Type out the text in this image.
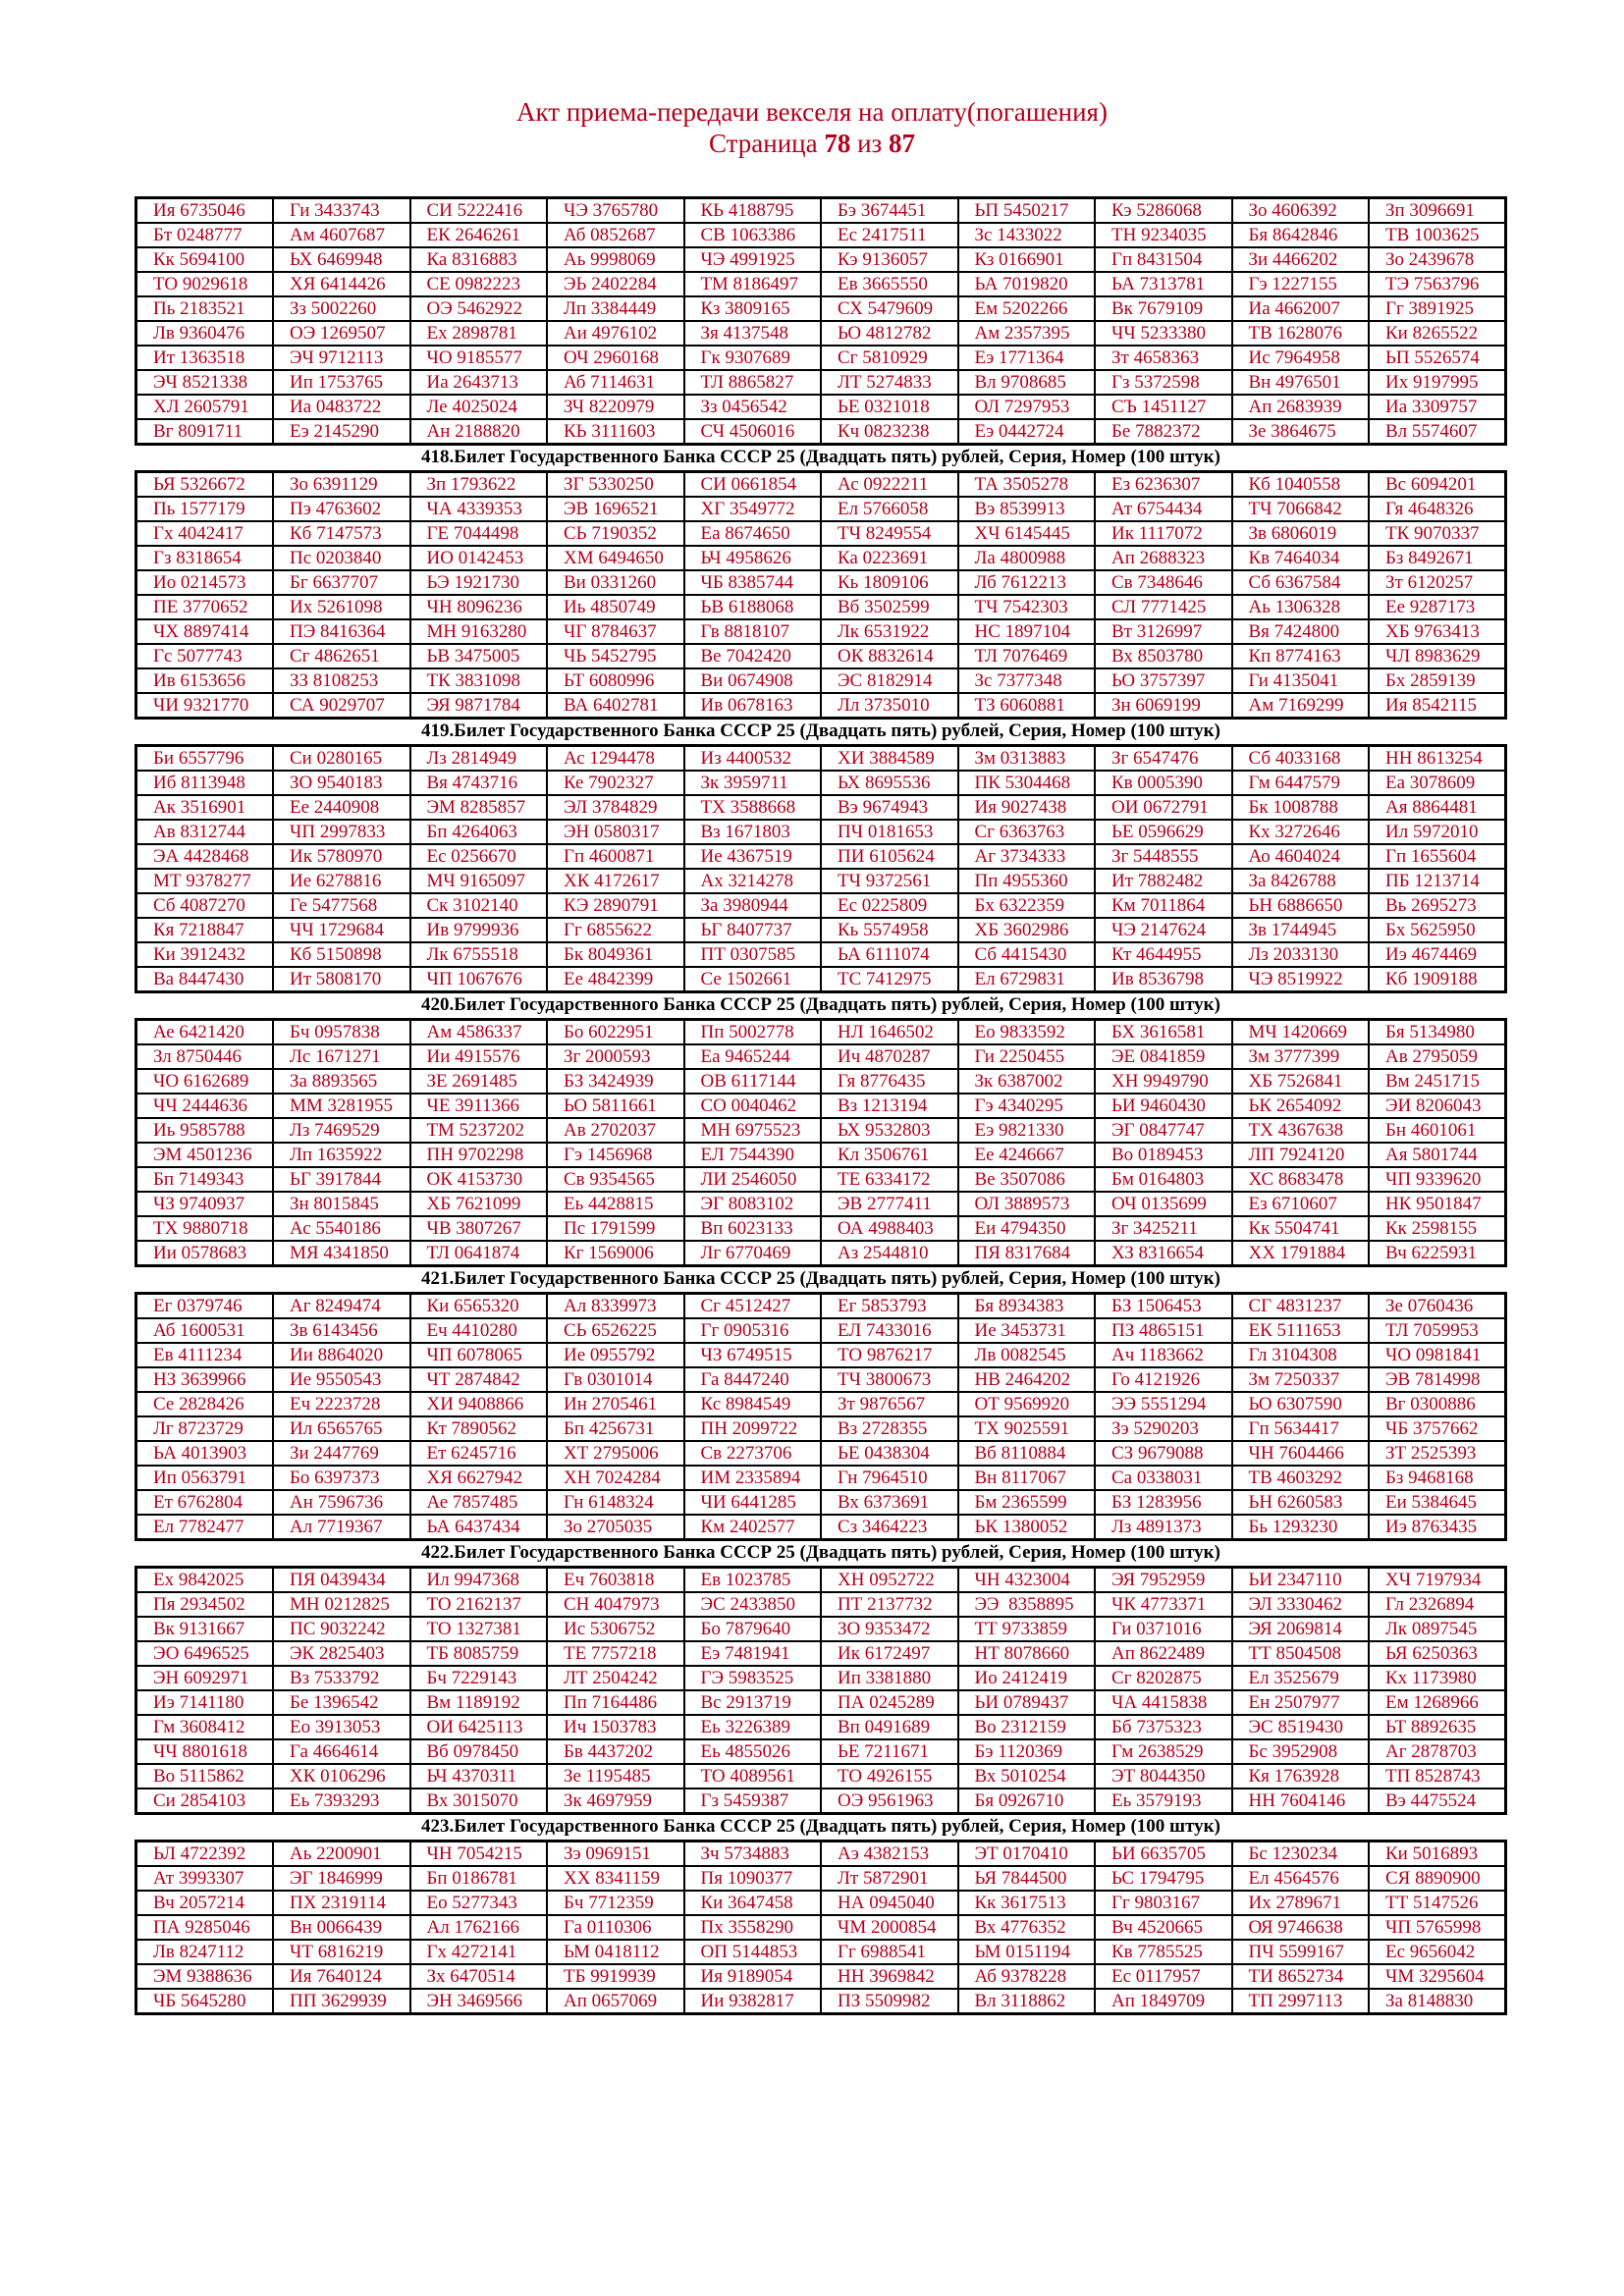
Акт приема-передачи векселя на оплату(погашения)
Страница 78 из 87
Ия 6735046	Ги 3433743	СИ 5222416	ЧЭ 3765780	КЬ 4188795	Бэ 3674451	ЬП 5450217	Кэ 5286068	Зо 4606392	Зп 3096691
Бт 0248777	Ам 4607687	ЕК 2646261	Аб 0852687	СВ 1063386	Ес 2417511	Зс 1433022	ТН 9234035	Бя 8642846	ТВ 1003625
Кк 5694100	ЬХ 6469948	Ка 8316883	Аь 9998069	ЧЭ 4991925	Кэ 9136057	Кз 0166901	Гп 8431504	Зи 4466202	Зо 2439678
ТО 9029618	ХЯ 6414426	СЕ 0982223	ЭЬ 2402284	ТМ 8186497	Ев 3665550	ЬА 7019820	ЬА 7313781	Гэ 1227155	ТЭ 7563796
Пь 2183521	Зз 5002260	ОЭ 5462922	Лп 3384449	Кз 3809165	СХ 5479609	Ем 5202266	Вк 7679109	Иа 4662007	Гг 3891925
Лв 9360476	ОЭ 1269507	Ех 2898781	Аи 4976102	Зя 4137548	ЬО 4812782	Ам 2357395	ЧЧ 5233380	ТВ 1628076	Ки 8265522
Ит 1363518	ЭЧ 9712113	ЧО 9185577	ОЧ 2960168	Гк 9307689	Сг 5810929	Еэ 1771364	Зт 4658363	Ис 7964958	ЬП 5526574
ЭЧ 8521338	Ип 1753765	Иа 2643713	Аб 7114631	ТЛ 8865827	ЛТ 5274833	Вл 9708685	Гз 5372598	Вн 4976501	Их 9197995
ХЛ 2605791	Иа 0483722	Ле 4025024	ЗЧ 8220979	Зз 0456542	ЬЕ 0321018	ОЛ 7297953	СЪ 1451127	Ап 2683939	Иа 3309757
Вг 8091711	Еэ 2145290	Ан 2188820	КЬ 3111603	СЧ 4506016	Кч 0823238	Еэ 0442724	Бе 7882372	Зе 3864675	Вл 5574607
418.Билет Государственного Банка СССР 25 (Двадцать пять) рублей, Серия, Номер (100 штук)
ЬЯ 5326672	Зо 6391129	Зп 1793622	ЗГ 5330250	СИ 0661854	Ас 0922211	ТА 3505278	Ез 6236307	Кб 1040558	Вс 6094201
Пь 1577179	Пэ 4763602	ЧА 4339353	ЭВ 1696521	ХГ 3549772	Ел 5766058	Вэ 8539913	Ат 6754434	ТЧ 7066842	Гя 4648326
Гх 4042417	Кб 7147573	ГЕ 7044498	СЬ 7190352	Еа 8674650	ТЧ 8249554	ХЧ 6145445	Ик 1117072	Зв 6806019	ТК 9070337
Гз 8318654	Пс 0203840	ИО 0142453	ХМ 6494650	ЬЧ 4958626	Ка 0223691	Ла 4800988	Ап 2688323	Кв 7464034	Бз 8492671
Ио 0214573	Бг 6637707	ЬЭ 1921730	Ви 0331260	ЧБ 8385744	Кь 1809106	Лб 7612213	Св 7348646	Сб 6367584	Зт 6120257
ПЕ 3770652	Их 5261098	ЧН 8096236	Иь 4850749	ЬВ 6188068	Вб 3502599	ТЧ 7542303	СЛ 7771425	Аь 1306328	Ее 9287173
ЧХ 8897414	ПЭ 8416364	МН 9163280	ЧГ 8784637	Гв 8818107	Лк 6531922	НС 1897104	Вт 3126997	Вя 7424800	ХБ 9763413
Гс 5077743	Сг 4862651	ЬВ 3475005	ЧЬ 5452795	Ве 7042420	ОК 8832614	ТЛ 7076469	Вх 8503780	Кп 8774163	ЧЛ 8983629
Ив 6153656	ЗЗ 8108253	ТК 3831098	ЬТ 6080996	Ви 0674908	ЭС 8182914	Зс 7377348	ЬО 3757397	Ги 4135041	Бх 2859139
ЧИ 9321770	СА 9029707	ЭЯ 9871784	ВА 6402781	Ив 0678163	Лл 3735010	ТЗ 6060881	Зн 6069199	Ам 7169299	Ия 8542115
419.Билет Государственного Банка СССР 25 (Двадцать пять) рублей, Серия, Номер (100 штук)
Би 6557796	Си 0280165	Лз 2814949	Ас 1294478	Из 4400532	ХИ 3884589	Зм 0313883	Зг 6547476	Сб 4033168	НН 8613254
Иб 8113948	ЗО 9540183	Вя 4743716	Ке 7902327	Зк 3959711	ЬХ 8695536	ПК 5304468	Кв 0005390	Гм 6447579	Еа 3078609
Ак 3516901	Ее 2440908	ЭМ 8285857	ЭЛ 3784829	ТХ 3588668	Вэ 9674943	Ия 9027438	ОИ 0672791	Бк 1008788	Ая 8864481
Ав 8312744	ЧП 2997833	Бп 4264063	ЭН 0580317	Вз 1671803	ПЧ 0181653	Сг 6363763	ЬЕ 0596629	Кх 3272646	Ил 5972010
ЭА 4428468	Ик 5780970	Ес 0256670	Гп 4600871	Ие 4367519	ПИ 6105624	Аг 3734333	Зг 5448555	Ао 4604024	Гп 1655604
МТ 9378277	Ие 6278816	МЧ 9165097	ХК 4172617	Ах 3214278	ТЧ 9372561	Пп 4955360	Ит 7882482	За 8426788	ПБ 1213714
Сб 4087270	Ге 5477568	Ск 3102140	КЭ 2890791	За 3980944	Ес 0225809	Бх 6322359	Км 7011864	ЬН 6886650	Вь 2695273
Кя 7218847	ЧЧ 1729684	Ив 9799936	Гг 6855622	ЬГ 8407737	Кь 5574958	ХБ 3602986	ЧЭ 2147624	Зв 1744945	Бх 5625950
Ки 3912432	Кб 5150898	Лк 6755518	Бк 8049361	ПТ 0307585	ЬА 6111074	Сб 4415430	Кт 4644955	Лз 2033130	Иэ 4674469
Ва 8447430	Ит 5808170	ЧП 1067676	Ее 4842399	Се 1502661	ТС 7412975	Ел 6729831	Ив 8536798	ЧЭ 8519922	Кб 1909188
420.Билет Государственного Банка СССР 25 (Двадцать пять) рублей, Серия, Номер (100 штук)
Ае 6421420	Бч 0957838	Ам 4586337	Бо 6022951	Пп 5002778	НЛ 1646502	Ео 9833592	БХ 3616581	МЧ 1420669	Бя 5134980
Зл 8750446	Лс 1671271	Ии 4915576	Зг 2000593	Еа 9465244	Ич 4870287	Ги 2250455	ЭЕ 0841859	Зм 3777399	Ав 2795059
ЧО 6162689	За 8893565	ЗЕ 2691485	БЗ 3424939	ОВ 6117144	Гя 8776435	Зк 6387002	ХН 9949790	ХБ 7526841	Вм 2451715
ЧЧ 2444636	ММ 3281955	ЧЕ 3911366	ЬО 5811661	СО 0040462	Вз 1213194	Гэ 4340295	ЬИ 9460430	ЬК 2654092	ЭИ 8206043
Иь 9585788	Лз 7469529	ТМ 5237202	Ав 2702037	МН 6975523	ЬХ 9532803	Еэ 9821330	ЭГ 0847747	ТХ 4367638	Бн 4601061
ЭМ 4501236	Лп 1635922	ПН 9702298	Гэ 1456968	ЕЛ 7544390	Кл 3506761	Ее 4246667	Во 0189453	ЛП 7924120	Ая 5801744
Бп 7149343	ЬГ 3917844	ОК 4153730	Св 9354565	ЛИ 2546050	ТЕ 6334172	Ве 3507086	Бм 0164803	ХС 8683478	ЧП 9339620
ЧЗ 9740937	Зн 8015845	ХБ 7621099	Еь 4428815	ЭГ 8083102	ЭВ 2777411	ОЛ 3889573	ОЧ 0135699	Ез 6710607	НК 9501847
ТХ 9880718	Ас 5540186	ЧВ 3807267	Пс 1791599	Вп 6023133	ОА 4988403	Еи 4794350	Зг 3425211	Кк 5504741	Кк 2598155
Ии 0578683	МЯ 4341850	ТЛ 0641874	Кг 1569006	Лг 6770469	Аз 2544810	ПЯ 8317684	ХЗ 8316654	ХХ 1791884	Вч 6225931
421.Билет Государственного Банка СССР 25 (Двадцать пять) рублей, Серия, Номер (100 штук)
Ег 0379746	Аг 8249474	Ки 6565320	Ал 8339973	Сг 4512427	Ег 5853793	Бя 8934383	БЗ 1506453	СГ 4831237	Зе 0760436
Аб 1600531	Зв 6143456	Еч 4410280	СЬ 6526225	Гг 0905316	ЕЛ 7433016	Ие 3453731	ПЗ 4865151	ЕК 5111653	ТЛ 7059953
Ев 4111234	Ии 8864020	ЧП 6078065	Ие 0955792	ЧЗ 6749515	ТО 9876217	Лв 0082545	Ач 1183662	Гл 3104308	ЧО 0981841
НЗ 3639966	Ие 9550543	ЧТ 2874842	Гв 0301014	Га 8447240	ТЧ 3800673	НВ 2464202	Го 4121926	Зм 7250337	ЭВ 7814998
Се 2828426	Еч 2223728	ХИ 9408866	Ин 2705461	Кс 8984549	Зт 9876567	ОТ 9569920	ЭЭ 5551294	ЬО 6307590	Вг 0300886
Лг 8723729	Ил 6565765	Кт 7890562	Бп 4256731	ПН 2099722	Вз 2728355	ТХ 9025591	Зэ 5290203	Гп 5634417	ЧБ 3757662
ЬА 4013903	Зи 2447769	Ет 6245716	ХТ 2795006	Св 2273706	ЬЕ 0438304	Вб 8110884	СЗ 9679088	ЧН 7604466	ЗТ 2525393
Ип 0563791	Бо 6397373	ХЯ 6627942	ХН 7024284	ИМ 2335894	Гн 7964510	Вн 8117067	Са 0338031	ТВ 4603292	Бз 9468168
Ет 6762804	Ан 7596736	Ае 7857485	Гн 6148324	ЧИ 6441285	Вх 6373691	Бм 2365599	БЗ 1283956	ЬН 6260583	Еи 5384645
Ел 7782477	Ал 7719367	ЬА 6437434	Зо 2705035	Км 2402577	Сз 3464223	ЬК 1380052	Лз 4891373	Бь 1293230	Иэ 8763435
422.Билет Государственного Банка СССР 25 (Двадцать пять) рублей, Серия, Номер (100 штук)
Ех 9842025	ПЯ 0439434	Ил 9947368	Еч 7603818	Ев 1023785	ХН 0952722	ЧН 4323004	ЭЯ 7952959	ЬИ 2347110	ХЧ 7197934
Пя 2934502	МН 0212825	ТО 2162137	СН 4047973	ЭС 2433850	ПТ 2137732	ЭЭ  8358895	ЧК 4773371	ЭЛ 3330462	Гл 2326894
Вк 9131667	ПС 9032242	ТО 1327381	Ис 5306752	Бо 7879640	ЗО 9353472	ТТ 9733859	Ги 0371016	ЭЯ 2069814	Лк 0897545
ЭО 6496525	ЭК 2825403	ТБ 8085759	ТЕ 7757218	Еэ 7481941	Ик 6172497	НТ 8078660	Ап 8622489	ТТ 8504508	ЬЯ 6250363
ЭН 6092971	Вз 7533792	Бч 7229143	ЛТ 2504242	ГЭ 5983525	Ип 3381880	Ио 2412419	Сг 8202875	Ел 3525679	Кх 1173980
Иэ 7141180	Бе 1396542	Вм 1189192	Пп 7164486	Вс 2913719	ПА 0245289	ЬИ 0789437	ЧА 4415838	Ен 2507977	Ем 1268966
Гм 3608412	Ео 3913053	ОИ 6425113	Ич 1503783	Еь 3226389	Вп 0491689	Во 2312159	Бб 7375323	ЭС 8519430	ЬТ 8892635
ЧЧ 8801618	Га 4664614	Вб 0978450	Бв 4437202	Еь 4855026	ЬЕ 7211671	Бэ 1120369	Гм 2638529	Бс 3952908	Аг 2878703
Во 5115862	ХК 0106296	ЬЧ 4370311	Зе 1195485	ТО 4089561	ТО 4926155	Вх 5010254	ЭТ 8044350	Кя 1763928	ТП 8528743
Си 2854103	Еь 7393293	Вх 3015070	Зк 4697959	Гз 5459387	ОЭ 9561963	Бя 0926710	Еь 3579193	НН 7604146	Вэ 4475524
423.Билет Государственного Банка СССР 25 (Двадцать пять) рублей, Серия, Номер (100 штук)
ЬЛ 4722392	Аь 2200901	ЧН 7054215	Зэ 0969151	Зч 5734883	Аэ 4382153	ЭТ 0170410	ЬИ 6635705	Бс 1230234	Ки 5016893
Ат 3993307	ЭГ 1846999	Бп 0186781	ХХ 8341159	Пя 1090377	Лт 5872901	ЬЯ 7844500	ЬС 1794795	Ел 4564576	СЯ 8890900
Вч 2057214	ПХ 2319114	Ео 5277343	Бч 7712359	Ки 3647458	НА 0945040	Кк 3617513	Гг 9803167	Их 2789671	ТТ 5147526
ПА 9285046	Вн 0066439	Ал 1762166	Га 0110306	Пх 3558290	ЧМ 2000854	Вх 4776352	Вч 4520665	ОЯ 9746638	ЧП 5765998
Лв 8247112	ЧТ 6816219	Гх 4272141	ЬМ 0418112	ОП 5144853	Гг 6988541	ЬМ 0151194	Кв 7785525	ПЧ 5599167	Ес 9656042
ЭМ 9388636	Ия 7640124	Зх 6470514	ТБ 9919939	Ия 9189054	НН 3969842	Аб 9378228	Ес 0117957	ТИ 8652734	ЧМ 3295604
ЧБ 5645280	ПП 3629939	ЭН 3469566	Ап 0657069	Ии 9382817	ПЗ 5509982	Вл 3118862	Ап 1849709	ТП 2997113	За 8148830
